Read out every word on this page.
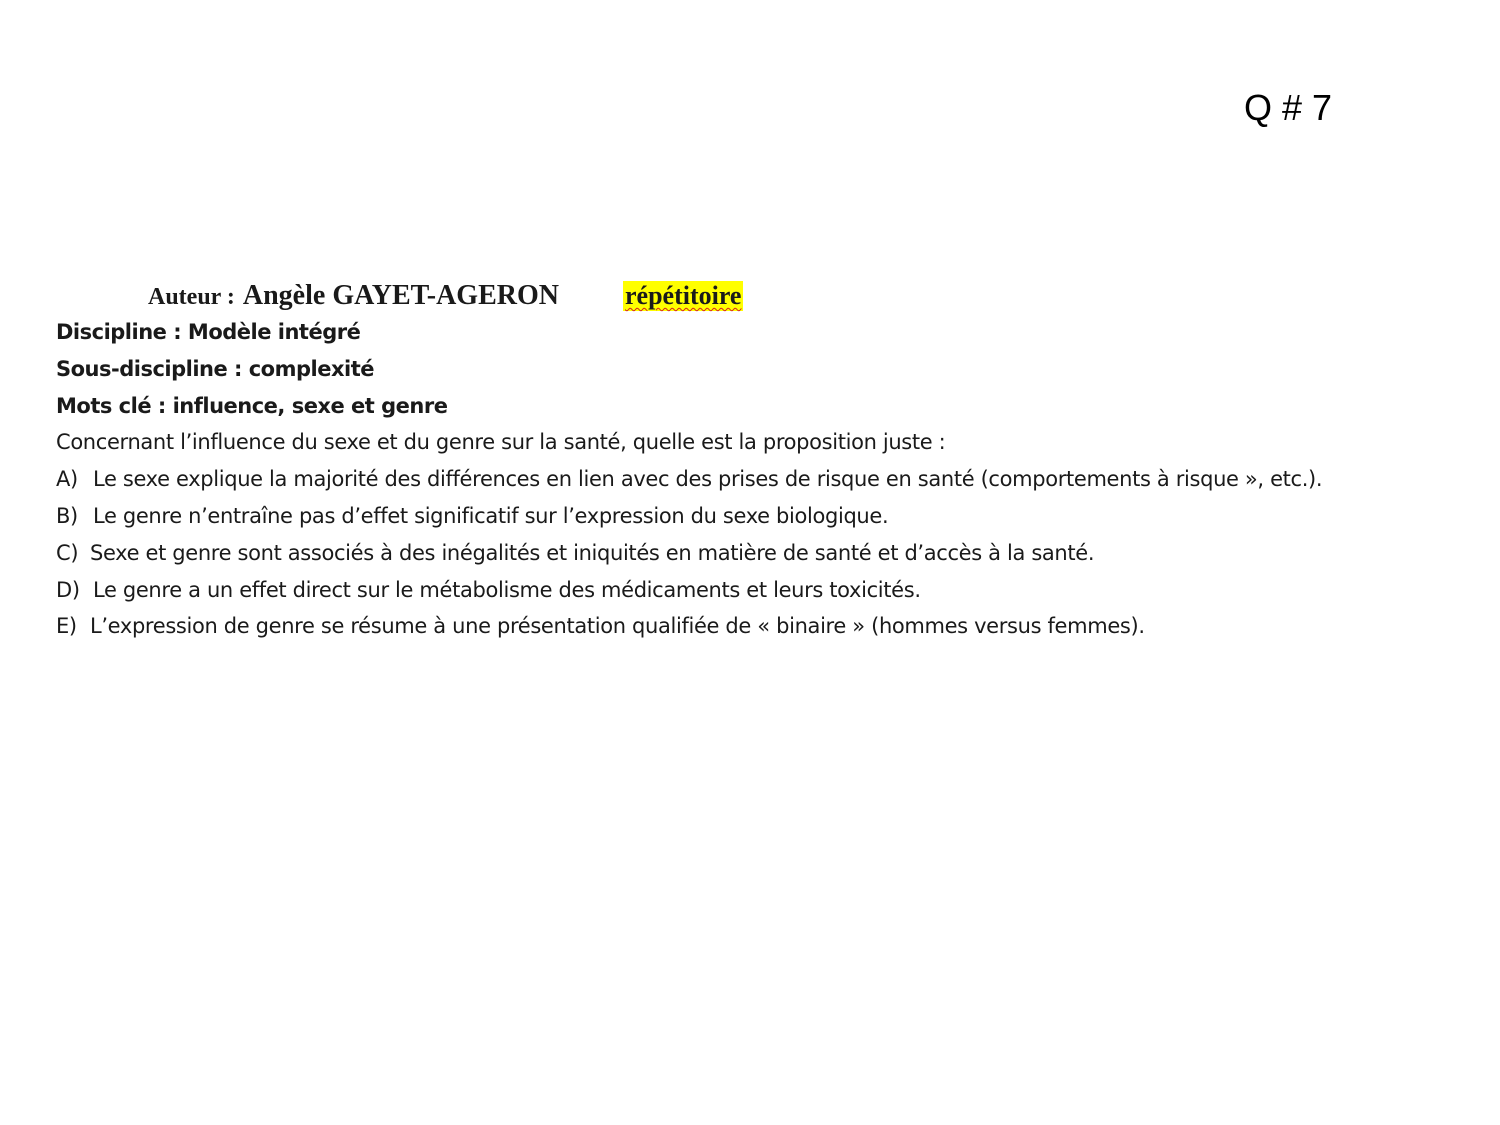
Q # 7
Auteur : Angèle GAYET-AGERON	répétitoire
Discipline : Modèle intégré
Sous-discipline : complexité
Mots clé : influence, sexe et genre
Concernant l’influence du sexe et du genre sur la santé, quelle est la proposition juste :
A) Le sexe explique la majorité des différences en lien avec des prises de risque en santé (comportements à risque », etc.).
B) Le genre n’entraîne pas d’effet significatif sur l’expression du sexe biologique.
C) Sexe et genre sont associés à des inégalités et iniquités en matière de santé et d’accès à la santé.
D) Le genre a un effet direct sur le métabolisme des médicaments et leurs toxicités.
E) L’expression de genre se résume à une présentation qualifiée de « binaire » (hommes versus femmes).
